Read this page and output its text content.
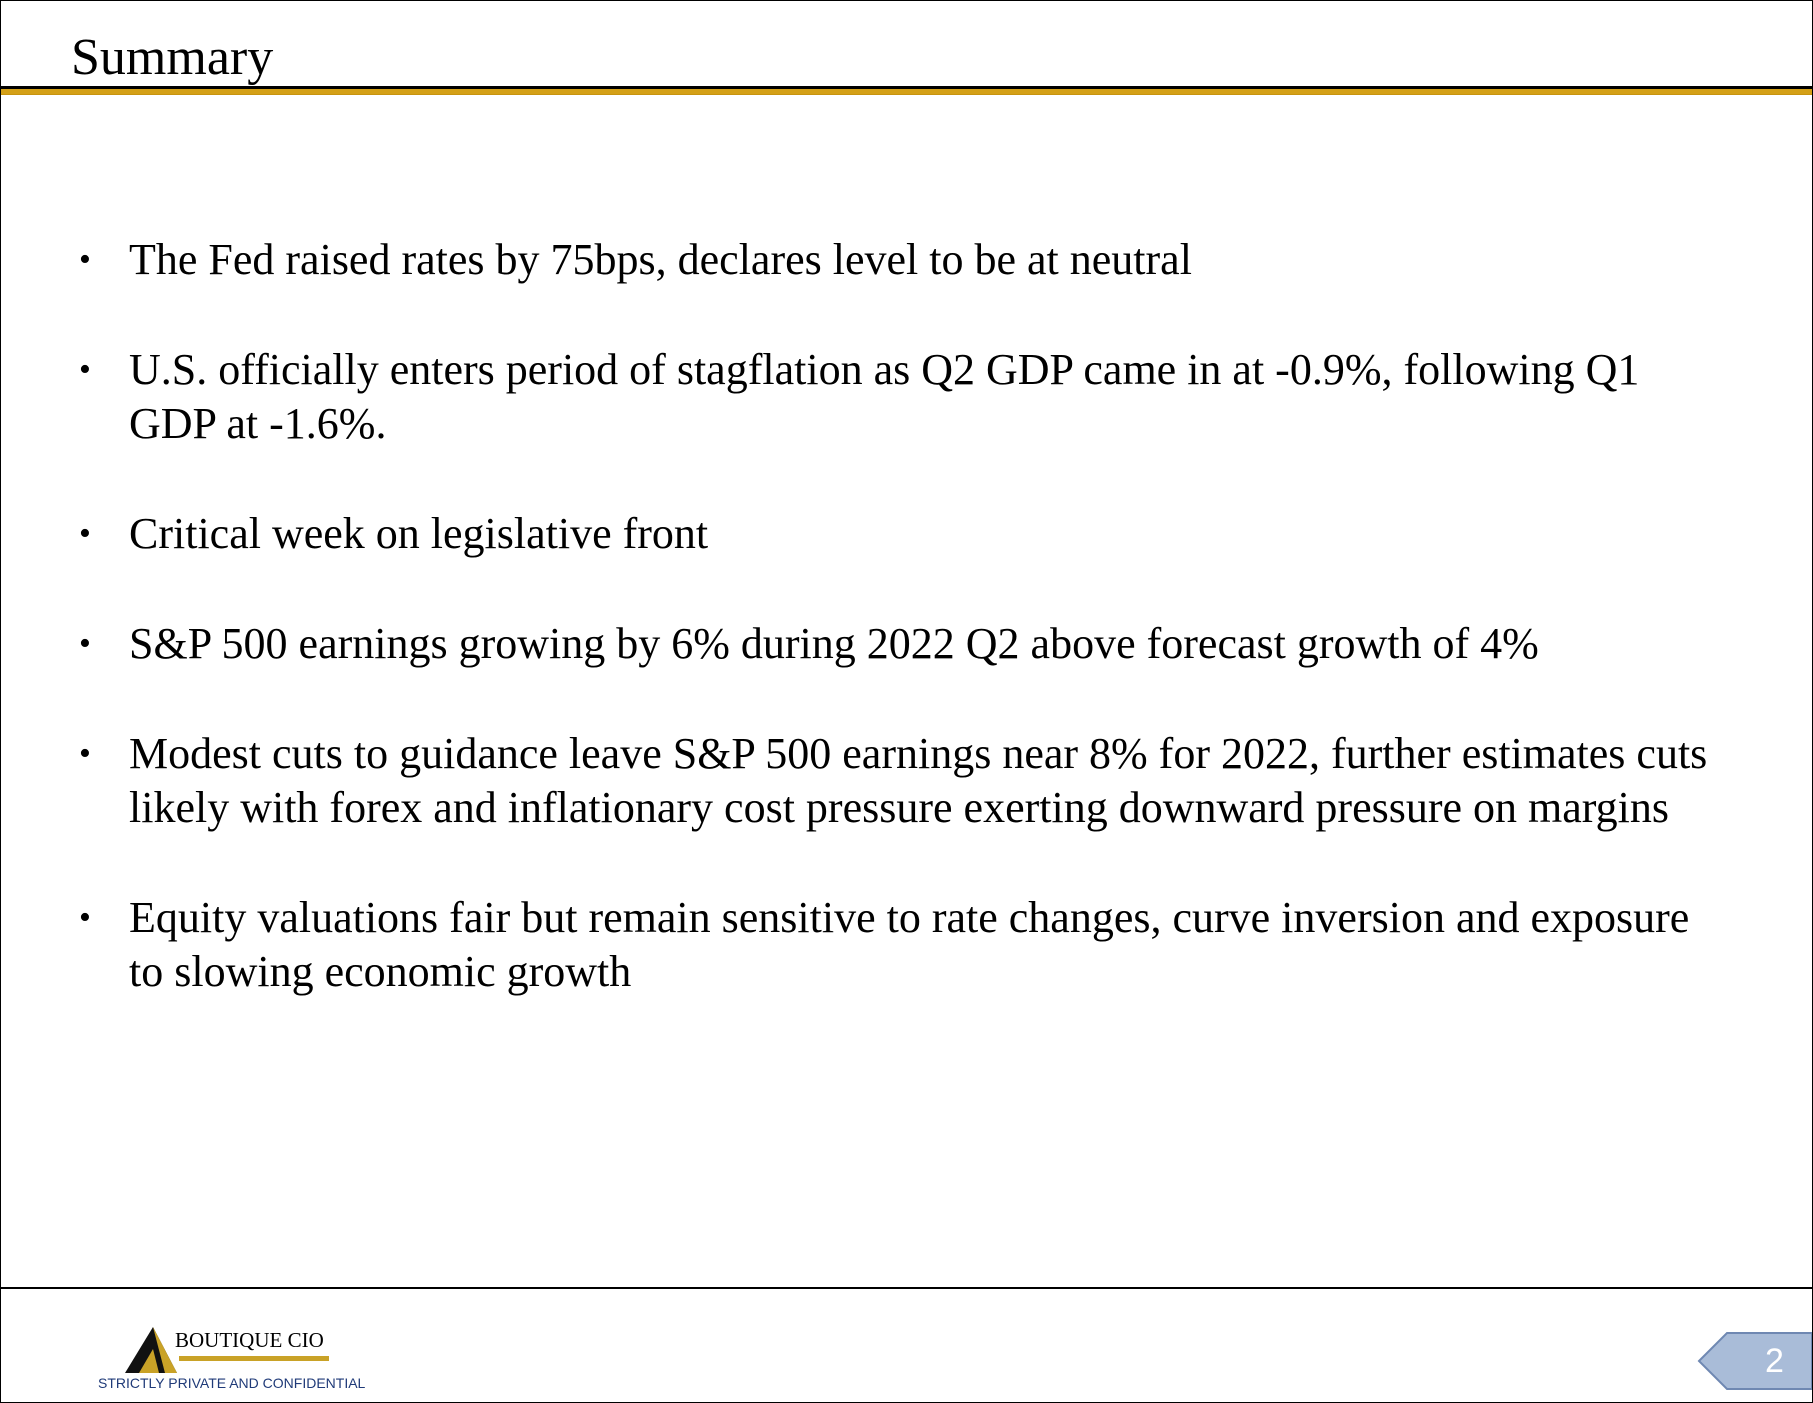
Summary
• The Fed raised rates by 75bps, declares level to be at neutral
• U.S. officially enters period of stagflation as Q2 GDP came in at -0.9%, following Q1 GDP at -1.6%.
• Critical week on legislative front
• S&P 500 earnings growing by 6% during 2022 Q2 above forecast growth of 4%
• Modest cuts to guidance leave S&P 500 earnings near 8% for 2022, further estimates cuts likely with forex and inflationary cost pressure exerting downward pressure on margins
• Equity valuations fair but remain sensitive to rate changes, curve inversion and exposure to slowing economic growth
BOUTIQUE CIO
STRICTLY PRIVATE AND CONFIDENTIAL
2
